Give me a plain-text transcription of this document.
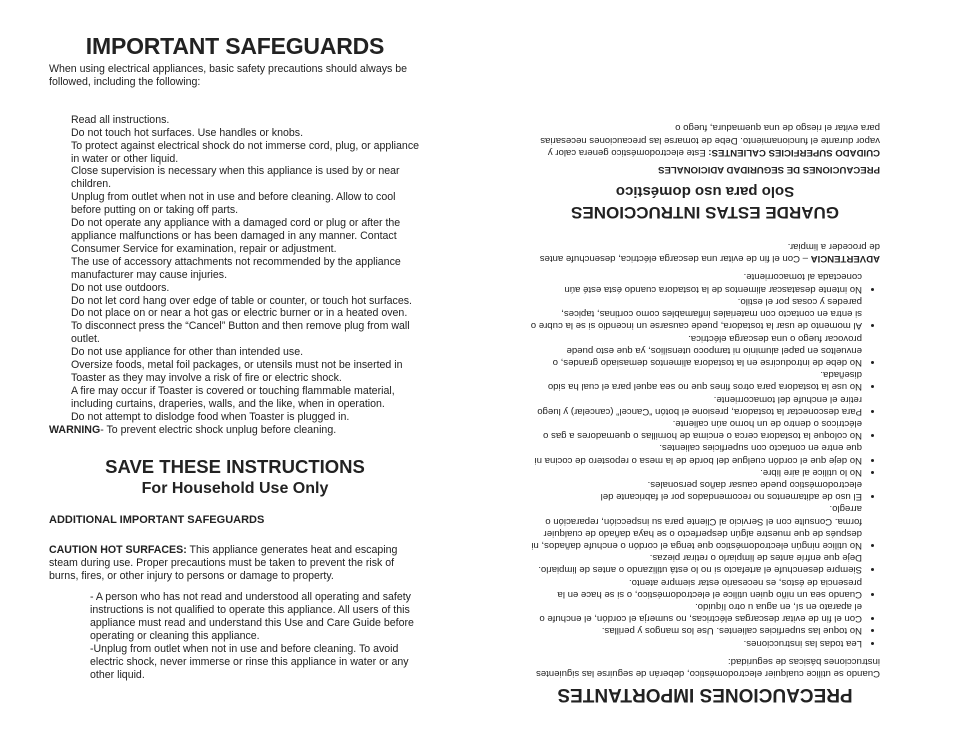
IMPORTANT SAFEGUARDS

When using electrical appliances, basic safety precautions should always be followed, including the following:

Read all instructions.
Do not touch hot surfaces. Use handles or knobs.
To protect against electrical shock do not immerse cord, plug, or appliance in water or other liquid.
Close supervision is necessary when this appliance is used by or near children.
Unplug from outlet when not in use and before cleaning. Allow to cool before putting on or taking off parts.
Do not operate any appliance with a damaged cord or plug or after the appliance malfunctions or has been damaged in any manner. Contact Consumer Service for examination, repair or adjustment.
The use of accessory attachments not recommended by the appliance manufacturer may cause injuries.
Do not use outdoors.
Do not let cord hang over edge of table or counter, or touch hot surfaces.
Do not place on or near a hot gas or electric burner or in a heated oven.
To disconnect press the “Cancel” Button and then remove plug from wall outlet.
Do not use appliance for other than intended use.
Oversize foods, metal foil packages, or utensils must not be inserted in Toaster as they may involve a risk of fire or electric shock.
A fire may occur if Toaster is covered or touching flammable material, including curtains, draperies, walls, and the like, when in operation.
Do not attempt to dislodge food when Toaster is plugged in.

WARNING- To prevent electric shock unplug before cleaning.

SAVE THESE INSTRUCTIONS
For Household Use Only

ADDITIONAL IMPORTANT SAFEGUARDS

CAUTION HOT SURFACES: This appliance generates heat and escaping steam during use. Proper precautions must be taken to prevent the risk of burns, fires, or other injury to persons or damage to property.

- A person who has not read and understood all operating and safety instructions is not qualified to operate this appliance. All users of this appliance must read and understand this Use and Care Guide before operating or cleaning this appliance.

-Unplug from outlet when not in use and before cleaning. To avoid electric shock, never immerse or rinse this appliance in water or any other liquid.

PRECAUCIONES IMPORTANTES

Cuando se utilice cualquier electrodoméstico, deberán de seguirse las siguientes instrucciones básicas de seguridad:

• Lea todas las instrucciones.
• No toque las superficies calientes. Use los mangos y perillas.
• Con el fin de evitar descargas eléctricas, no sumerja el cordón, el enchufe o el aparato en sí, en agua u otro líquido.
• Cuando sea un niño quien utilice el electrodoméstico, o si se hace en la presencia de éstos, es necesario estar siempre atento.
• Siempre desenchufe el artefacto si no lo está utilizando o antes de limpiarlo. Deje que enfríe antes de limpiarlo o retirar piezas.
• No utilice ningún electrodoméstico que tenga el cordón o enchufe dañados, ni después de que muestre algún desperfecto o se haya dañado de cualquier forma. Consulte con el Servicio al Cliente para su inspección, reparación o arreglo.
• El uso de aditamentos no recomendados por el fabricante del electrodoméstico puede causar daños personales.
• No lo utilice al aire libre.
• No deje que el cordón cuelgue del borde de la mesa o repostero de cocina ni que entre en contacto con superficies calientes.
• No coloque la tostadora cerca o encima de hornillas o quemadores a gas o eléctricos o dentro de un horno aún caliente.
• Para desconectar la tostadora, presione el botón “Cancel” (cancelar) y luego retire el enchufe del tomacorriente.
• No use la tostadora para otros fines que no sea aquel para el cual ha sido diseñada.
• No debe de introducirse en la tostadora alimentos demasiado grandes, o envueltos en papel aluminio ni tampoco utensilios, ya que esto puede provocar fuego o una descarga eléctrica.
• Al momento de usar la tostadora, puede causarse un incendio si se la cubre o si entra en contacto con materiales inflamables como cortinas, tapices, paredes y cosas por el estilo.
• No intente desatascar alimentos de la tostadora cuando ésta esté aún conectada al tomacorriente.

ADVERTENCIA – Con el fin de evitar una descarga eléctrica, desenchufe antes de proceder a limpiar.

GUARDE ESTAS INTRUCCIONES
Solo para uso doméstico

PRECAUCIONES DE SEGURIDAD ADICIONALES

CUIDADO SUPERFICIES CALIENTES: Este electrodoméstico genera calor y vapor durante el funcionamiento. Debe de tomarse las precauciones necesarias para evitar el riesgo de una quemadura, fuego o
